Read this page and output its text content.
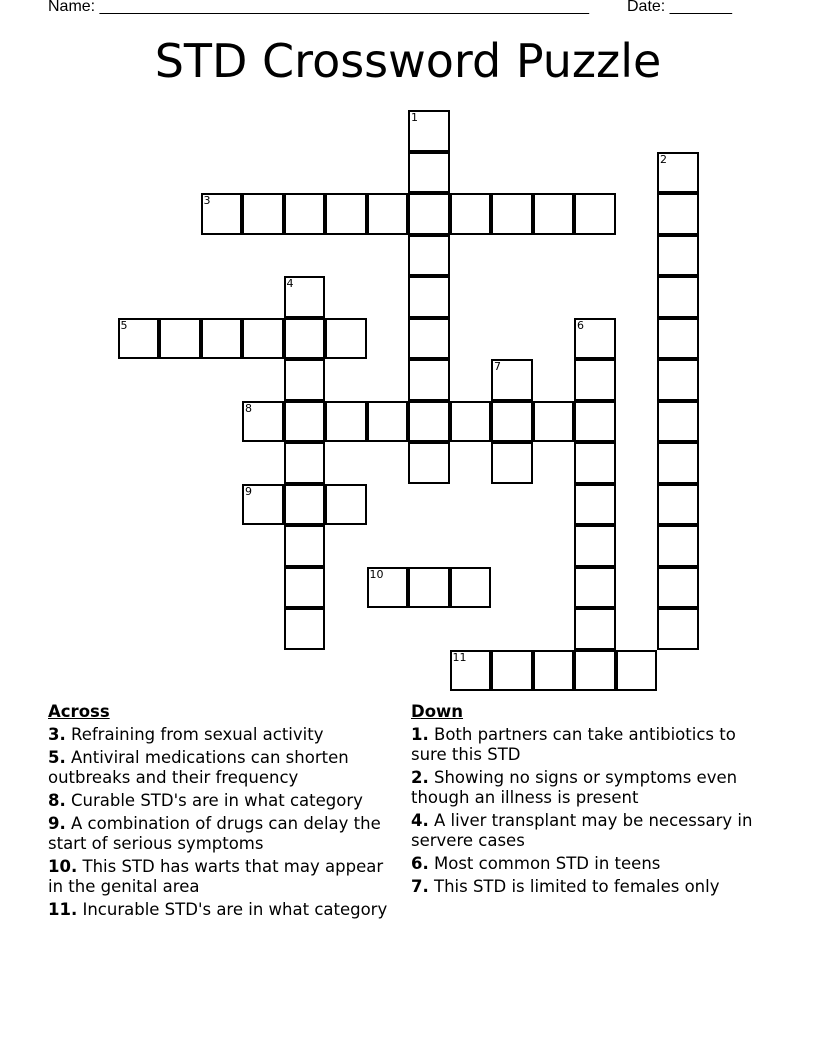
Name: _______________________________________________________ Date: _______
STD Crossword Puzzle
1
2
3
4
5	6
7
8
9
10
11
Across
3. Refraining from sexual activity
5. Antiviral medications can shorten outbreaks and their frequency
8. Curable STD's are in what category
9. A combination of drugs can delay the start of serious symptoms
10. This STD has warts that may appear in the genital area
11. Incurable STD's are in what category
Down
1. Both partners can take antibiotics to sure this STD
2. Showing no signs or symptoms even though an illness is present
4. A liver transplant may be necessary in servere cases
6. Most common STD in teens
7. This STD is limited to females only
